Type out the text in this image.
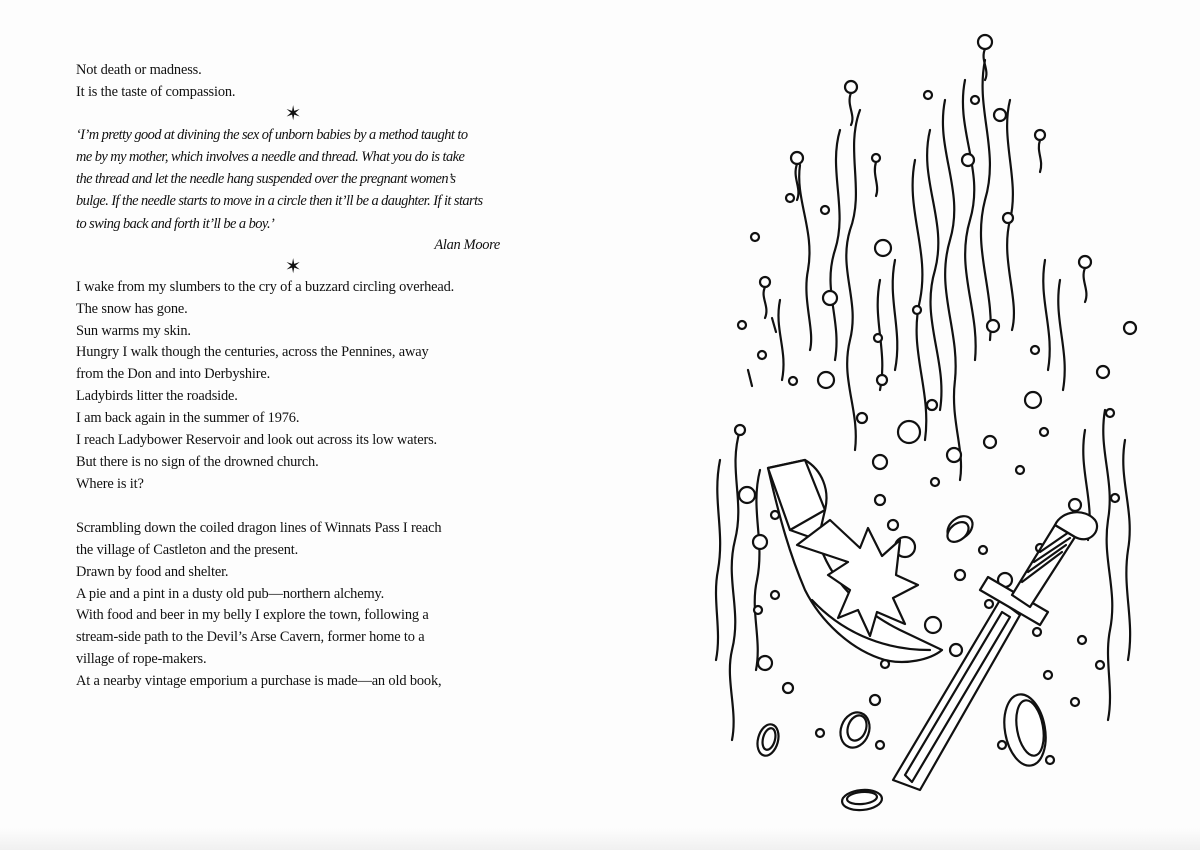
Not death or madness.
It is the taste of compassion.

✶

‘I’m pretty good at divining the sex of unborn babies by a method taught to
me by my mother, which involves a needle and thread. What you do is take
the thread and let the needle hang suspended over the pregnant women’s
bulge. If the needle starts to move in a circle then it’ll be a daughter. If it starts
to swing back and forth it’ll be a boy.’

Alan Moore

✶

I wake from my slumbers to the cry of a buzzard circling overhead.
The snow has gone.
Sun warms my skin.
Hungry I walk though the centuries, across the Pennines, away
from the Don and into Derbyshire.
Ladybirds litter the roadside.
I am back again in the summer of 1976.
I reach Ladybower Reservoir and look out across its low waters.
But there is no sign of the drowned church.
Where is it?

Scrambling down the coiled dragon lines of Winnats Pass I reach
the village of Castleton and the present.
Drawn by food and shelter.
A pie and a pint in a dusty old pub—northern alchemy.
With food and beer in my belly I explore the town, following a
stream-side path to the Devil’s Arse Cavern, former home to a
village of rope-makers.
At a nearby vintage emporium a purchase is made—an old book,
